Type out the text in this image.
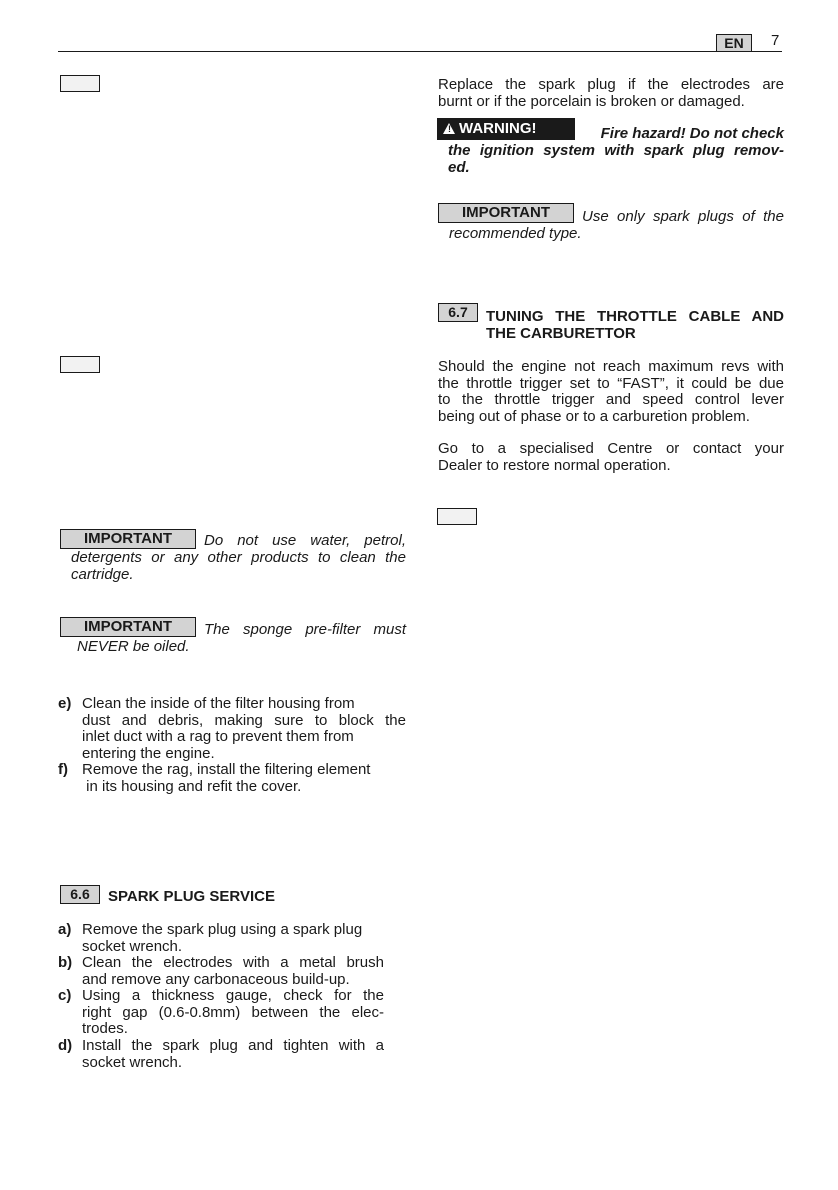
EN	7
IMPORTANT	Do not use water, petrol,
detergents or any other products to clean the
cartridge.
IMPORTANT	The sponge pre-filter must
NEVER be oiled.
e) Clean the inside of the filter housing from
dust and debris, making sure to block the
inlet duct with a rag to prevent them from
entering the engine.
f) Remove the rag, install the filtering element
in its housing and refit the cover.
6.6	SPARK PLUG SERVICE
a) Remove the spark plug using a spark plug
socket wrench.
b) Clean the electrodes with a metal brush
and remove any carbonaceous build-up.
c) Using a thickness gauge, check for the
right gap (0.6-0.8mm) between the elec-
trodes.
d) Install the spark plug and tighten with a
socket wrench.
Replace the spark plug if the electrodes are
burnt or if the porcelain is broken or damaged.
! WARNING!	Fire hazard! Do not check
the ignition system with spark plug remov-
ed.
IMPORTANT	Use only spark plugs of the
recommended type.
6.7	TUNING THE THROTTLE CABLE AND
THE CARBURETTOR
Should the engine not reach maximum revs with
the throttle trigger set to “FAST”, it could be due
to the throttle trigger and speed control lever
being out of phase or to a carburetion problem.
Go to a specialised Centre or contact your
Dealer to restore normal operation.
